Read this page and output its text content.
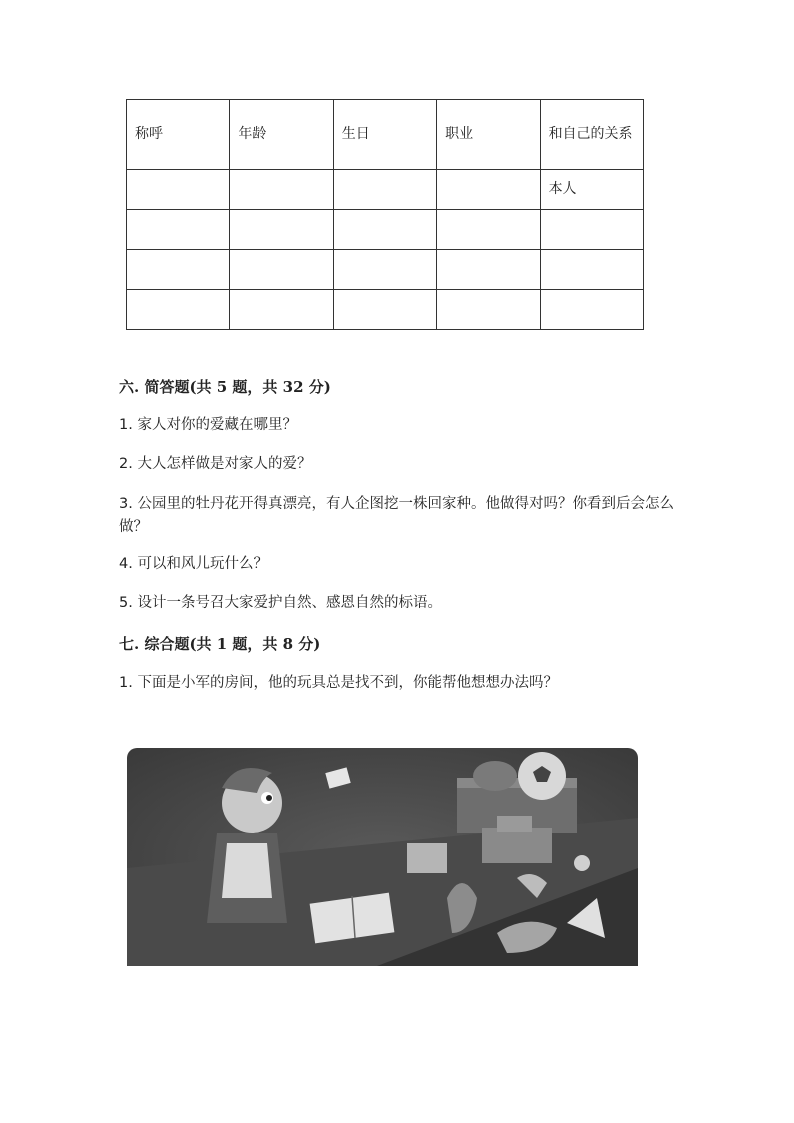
称呼	年龄	生日	职业	和自己的关系
				本人

六. 简答题(共 5 题，共 32 分)
1. 家人对你的爱藏在哪里？
2. 大人怎样做是对家人的爱？
3. 公园里的牡丹花开得真漂亮，有人企图挖一株回家种。他做得对吗？你看到后会怎么做？
4. 可以和风儿玩什么？
5. 设计一条号召大家爱护自然、感恩自然的标语。
七. 综合题(共 1 题，共 8 分)
1. 下面是小军的房间，他的玩具总是找不到，你能帮他想想办法吗？
